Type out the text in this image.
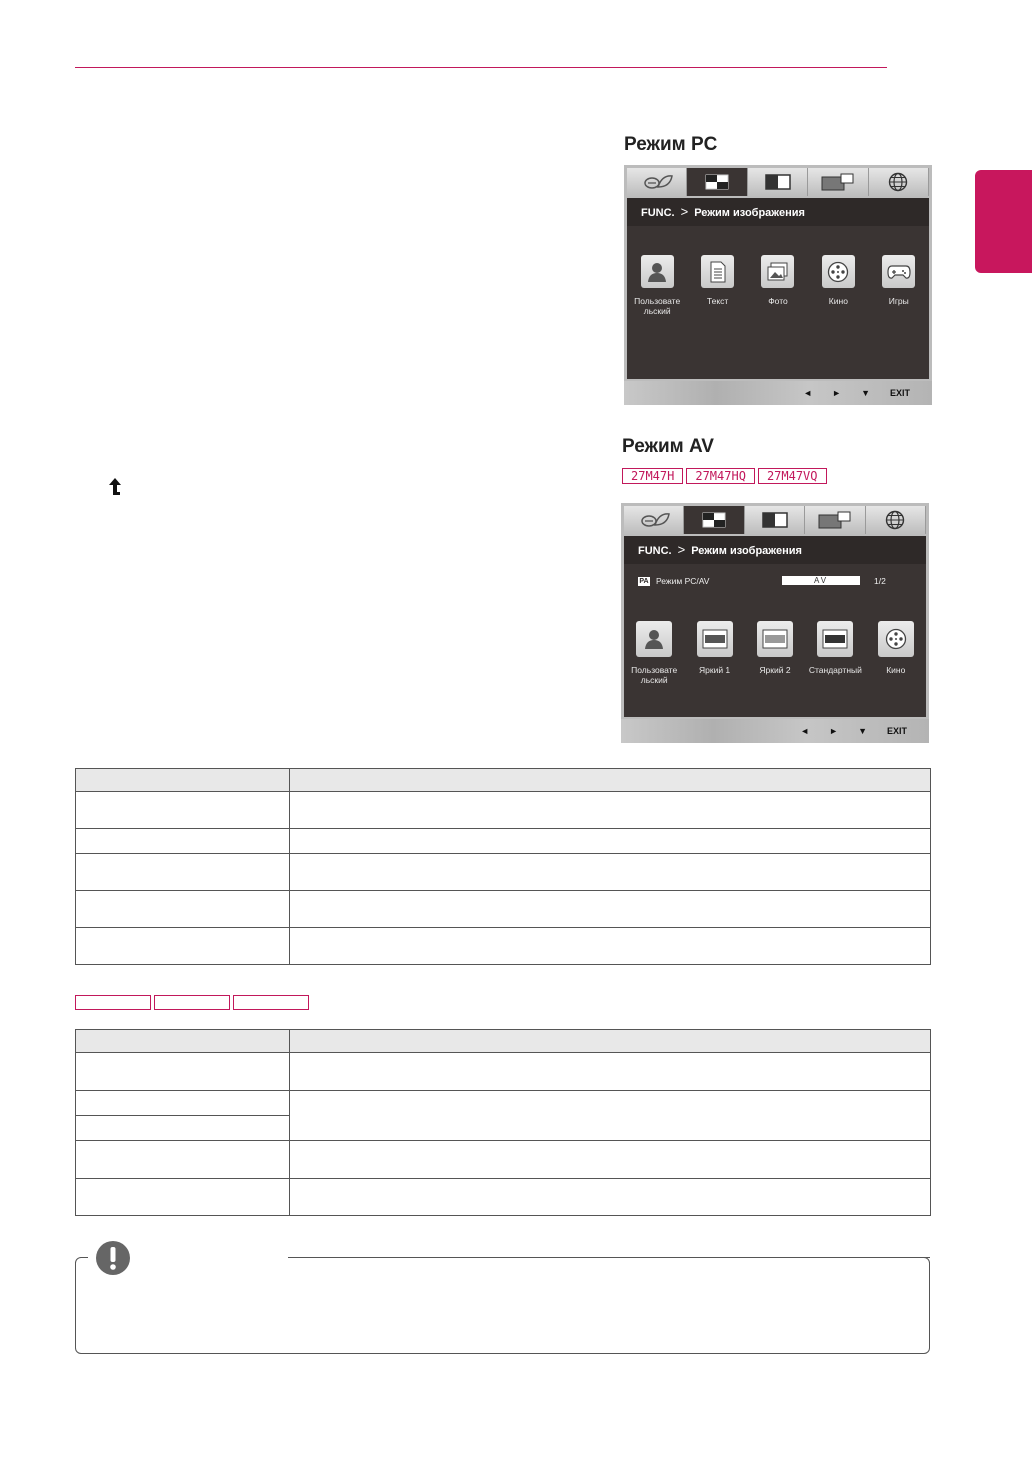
Режим PC
FUNC. > Режим изображения
Пользовате льский
Текст	Фото	Кино	Игры
◄ ► ▼ EXIT
Режим AV
27M47H	27M47HQ	27M47VQ
FUNC. > Режим изображения
PA Режим PC/AV	AV	1/2
Пользовате льский
Яркий 1	Яркий 2	Стандартный	Кино
◄ ► ▼ EXIT
